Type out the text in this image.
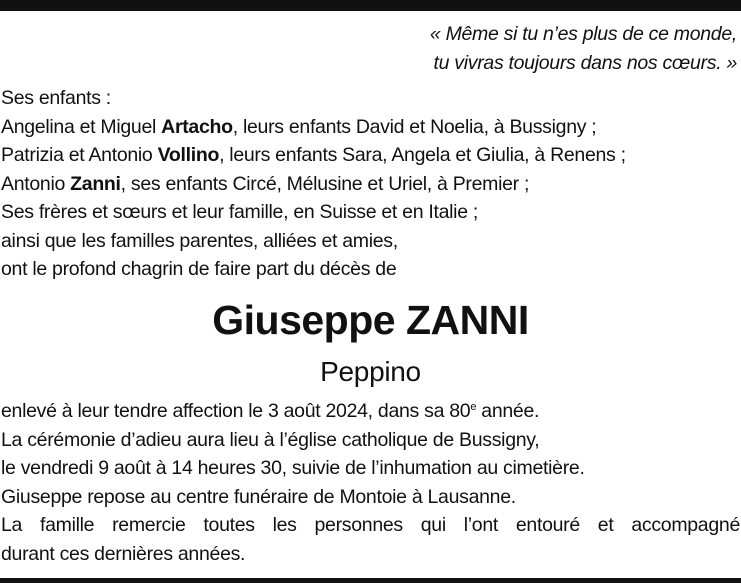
« Même si tu n’es plus de ce monde,
tu vivras toujours dans nos cœurs. »
Ses enfants :
Angelina et Miguel Artacho, leurs enfants David et Noelia, à Bussigny ;
Patrizia et Antonio Vollino, leurs enfants Sara, Angela et Giulia, à Renens ;
Antonio Zanni, ses enfants Circé, Mélusine et Uriel, à Premier ;
Ses frères et sœurs et leur famille, en Suisse et en Italie ;
ainsi que les familles parentes, alliées et amies,
ont le profond chagrin de faire part du décès de
Giuseppe ZANNI
Peppino
enlevé à leur tendre affection le 3 août 2024, dans sa 80e année.
La cérémonie d’adieu aura lieu à l’église catholique de Bussigny,
le vendredi 9 août à 14 heures 30, suivie de l’inhumation au cimetière.
Giuseppe repose au centre funéraire de Montoie à Lausanne.
La famille remercie toutes les personnes qui l’ont entouré et accompagné
durant ces dernières années.
